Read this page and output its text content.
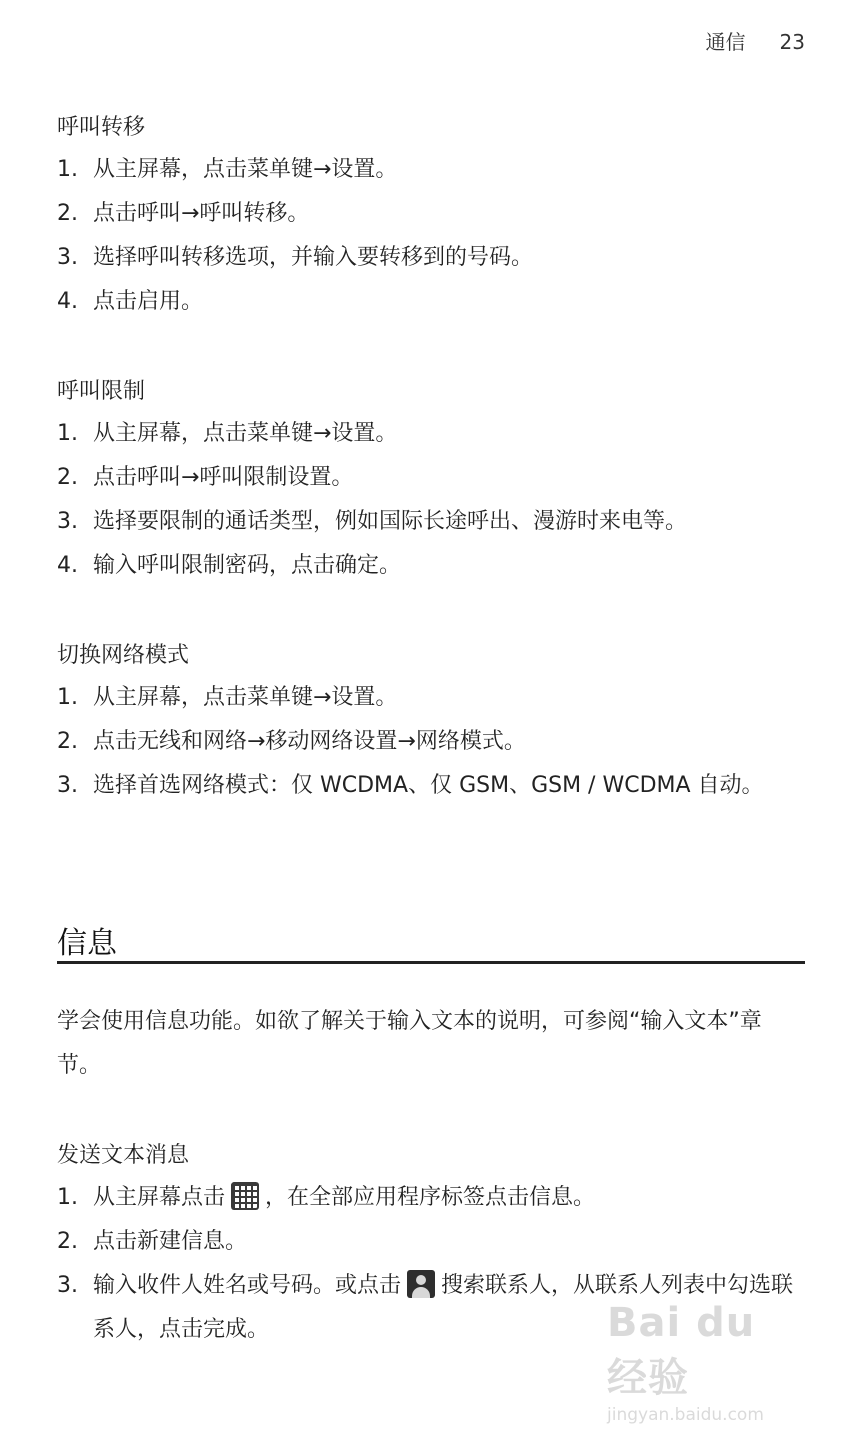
通信 23
呼叫转移
1. 从主屏幕，点击菜单键→设置。
2. 点击呼叫→呼叫转移。
3. 选择呼叫转移选项，并输入要转移到的号码。
4. 点击启用。
呼叫限制
1. 从主屏幕，点击菜单键→设置。
2. 点击呼叫→呼叫限制设置。
3. 选择要限制的通话类型，例如国际长途呼出、漫游时来电等。
4. 输入呼叫限制密码，点击确定。
切换网络模式
1. 从主屏幕，点击菜单键→设置。
2. 点击无线和网络→移动网络设置→网络模式。
3. 选择首选网络模式：仅 WCDMA、仅 GSM、GSM / WCDMA 自动。
信息
学会使用信息功能。如欲了解关于输入文本的说明，可参阅“输入文本”章节。
发送文本消息
1. 从主屏幕点击 ，在全部应用程序标签点击信息。
2. 点击新建信息。
3. 输入收件人姓名或号码。或点击 搜索联系人，从联系人列表中勾选联系人，点击完成。	Bai du 经验
jingyan.baidu.com
